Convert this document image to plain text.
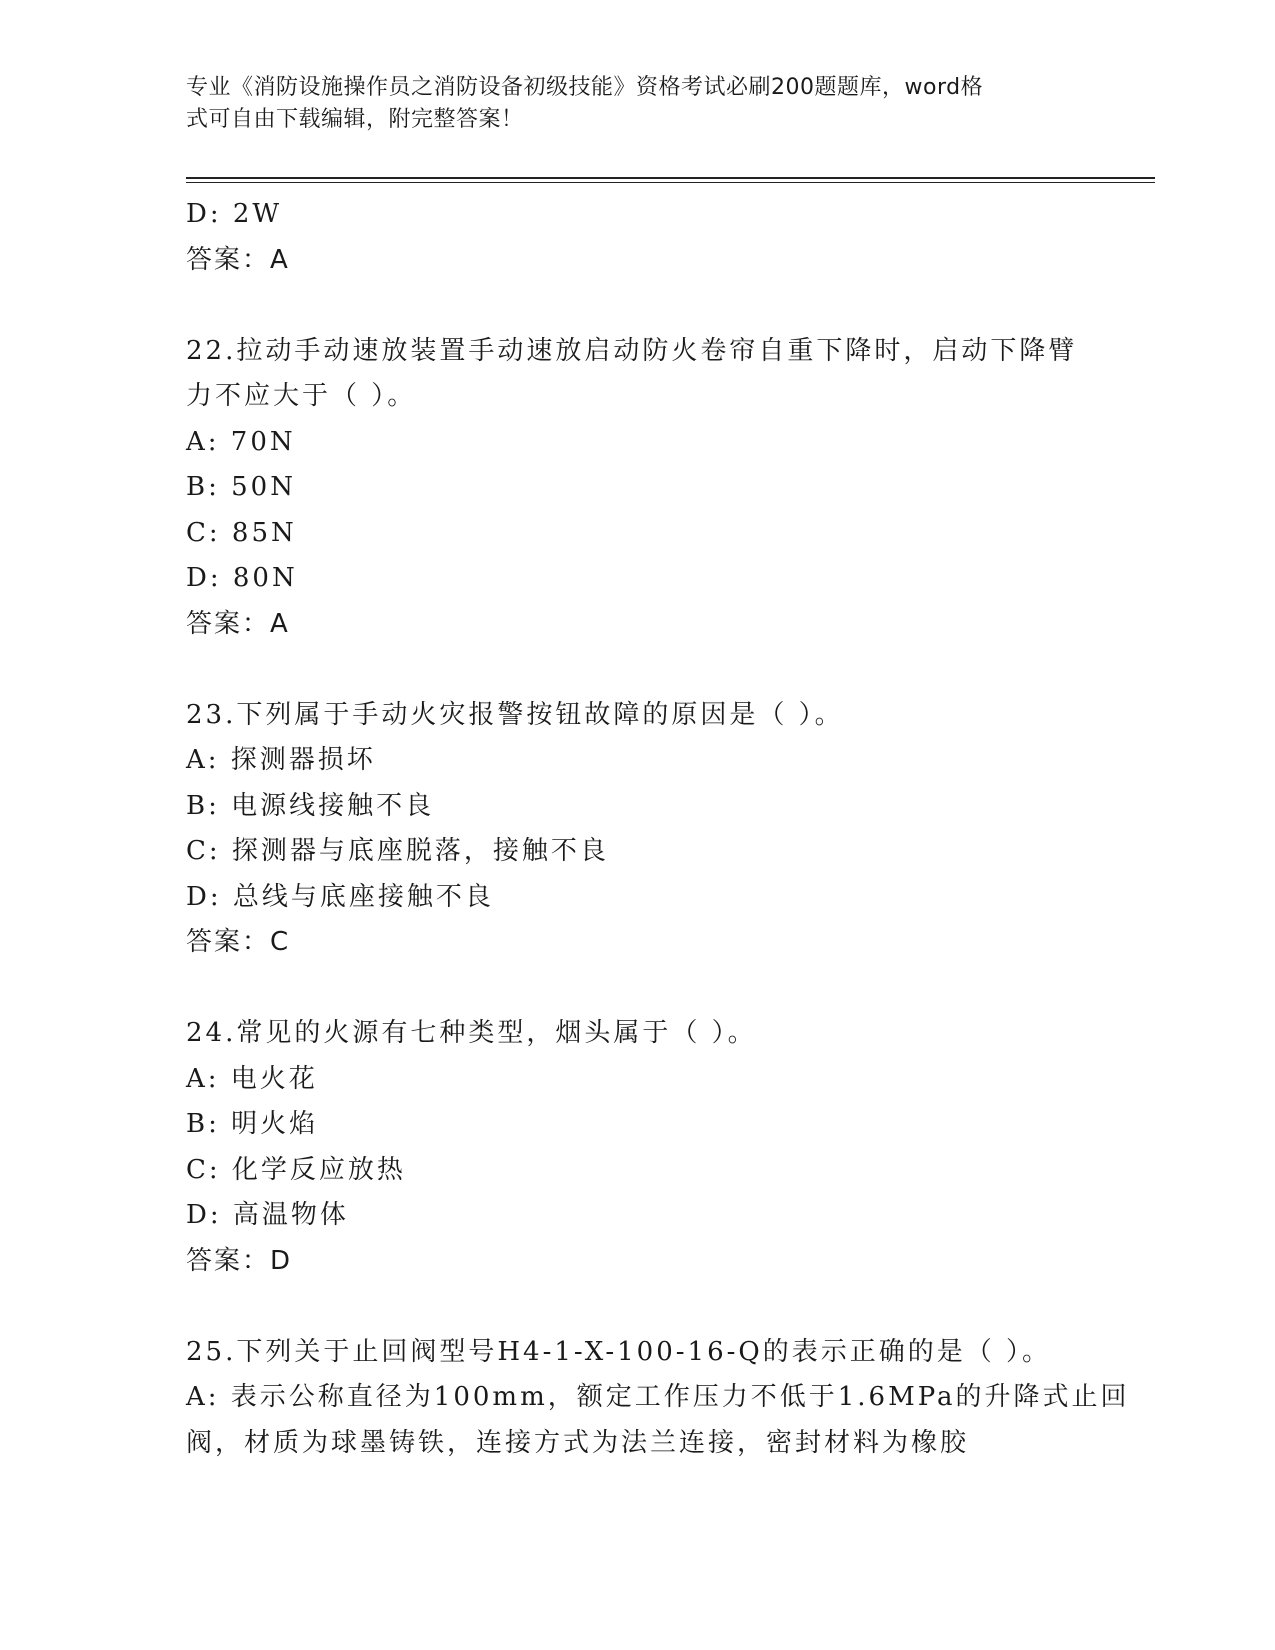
专业《消防设施操作员之消防设备初级技能》资格考试必刷200题题库，word格
式可自由下载编辑，附完整答案！
D: 2W
答案：A
22.拉动手动速放装置手动速放启动防火卷帘自重下降时，启动下降臂
力不应大于（ ）。
A: 70N
B: 50N
C: 85N
D: 80N
答案：A
23.下列属于手动火灾报警按钮故障的原因是（ ）。
A: 探测器损坏
B: 电源线接触不良
C: 探测器与底座脱落，接触不良
D: 总线与底座接触不良
答案：C
24.常见的火源有七种类型，烟头属于（ ）。
A: 电火花
B: 明火焰
C: 化学反应放热
D: 高温物体
答案：D
25.下列关于止回阀型号H4-1-X-100-16-Q的表示正确的是（ ）。
A: 表示公称直径为100mm，额定工作压力不低于1.6MPa的升降式止回
阀，材质为球墨铸铁，连接方式为法兰连接，密封材料为橡胶
